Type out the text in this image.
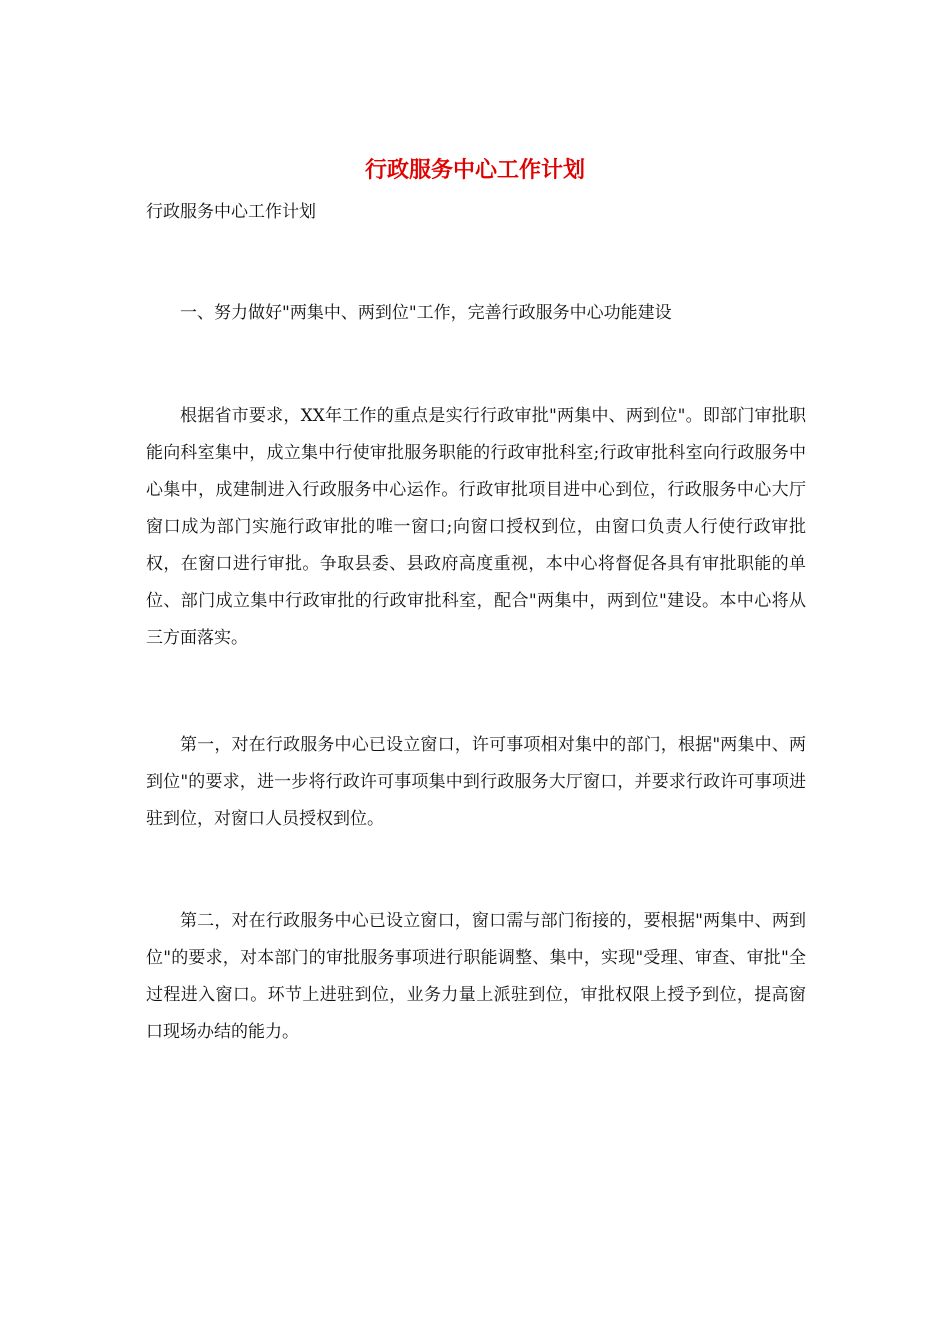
行政服务中心工作计划

行政服务中心工作计划

一、努力做好"两集中、两到位"工作，完善行政服务中心功能建设

根据省市要求，XX年工作的重点是实行行政审批"两集中、两到位"。即部门审批职能向科室集中，成立集中行使审批服务职能的行政审批科室;行政审批科室向行政服务中心集中，成建制进入行政服务中心运作。行政审批项目进中心到位，行政服务中心大厅窗口成为部门实施行政审批的唯一窗口;向窗口授权到位，由窗口负责人行使行政审批权，在窗口进行审批。争取县委、县政府高度重视，本中心将督促各具有审批职能的单位、部门成立集中行政审批的行政审批科室，配合"两集中，两到位"建设。本中心将从三方面落实。

第一，对在行政服务中心已设立窗口，许可事项相对集中的部门，根据"两集中、两到位"的要求，进一步将行政许可事项集中到行政服务大厅窗口，并要求行政许可事项进驻到位，对窗口人员授权到位。

第二，对在行政服务中心已设立窗口，窗口需与部门衔接的，要根据"两集中、两到位"的要求，对本部门的审批服务事项进行职能调整、集中，实现"受理、审查、审批"全过程进入窗口。环节上进驻到位，业务力量上派驻到位，审批权限上授予到位，提高窗口现场办结的能力。
